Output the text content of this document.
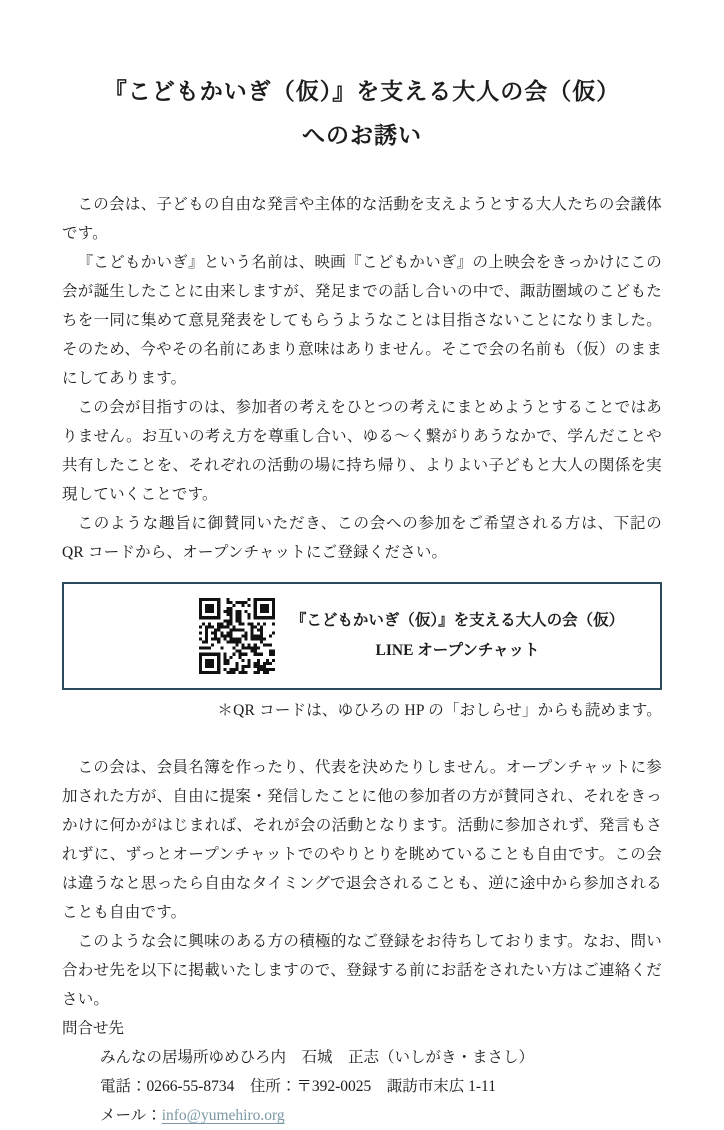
『こどもかいぎ（仮）』を支える大人の会（仮）
へのお誘い

この会は、子どもの自由な発言や主体的な活動を支えようとする大人たちの会議体です。

『こどもかいぎ』という名前は、映画『こどもかいぎ』の上映会をきっかけにこの会が誕生したことに由来しますが、発足までの話し合いの中で、諏訪圏域のこどもたちを一同に集めて意見発表をしてもらうようなことは目指さないことになりました。そのため、今やその名前にあまり意味はありません。そこで会の名前も（仮）のままにしてあります。

この会が目指すのは、参加者の考えをひとつの考えにまとめようとすることではありません。お互いの考え方を尊重し合い、ゆる～く繋がりあうなかで、学んだことや共有したことを、それぞれの活動の場に持ち帰り、よりよい子どもと大人の関係を実現していくことです。

このような趣旨に御賛同いただき、この会への参加をご希望される方は、下記の QR コードから、オープンチャットにご登録ください。

『こどもかいぎ（仮）』を支える大人の会（仮）
LINE オープンチャット
＊QR コードは、ゆひろの HP の「おしらせ」からも読めます。

この会は、会員名簿を作ったり、代表を決めたりしません。オープンチャットに参加された方が、自由に提案・発信したことに他の参加者の方が賛同され、それをきっかけに何かがはじまれば、それが会の活動となります。活動に参加されず、発言もされずに、ずっとオープンチャットでのやりとりを眺めていることも自由です。この会は違うなと思ったら自由なタイミングで退会されることも、逆に途中から参加されることも自由です。

このような会に興味のある方の積極的なご登録をお待ちしております。なお、問い合わせ先を以下に掲載いたしますので、登録する前にお話をされたい方はご連絡ください。

問合せ先
みんなの居場所ゆめひろ内　石城　正志（いしがき・まさし）
電話：0266-55-8734　住所：〒392‐0025　諏訪市末広 1‐11
メール：info@yumehiro.org
